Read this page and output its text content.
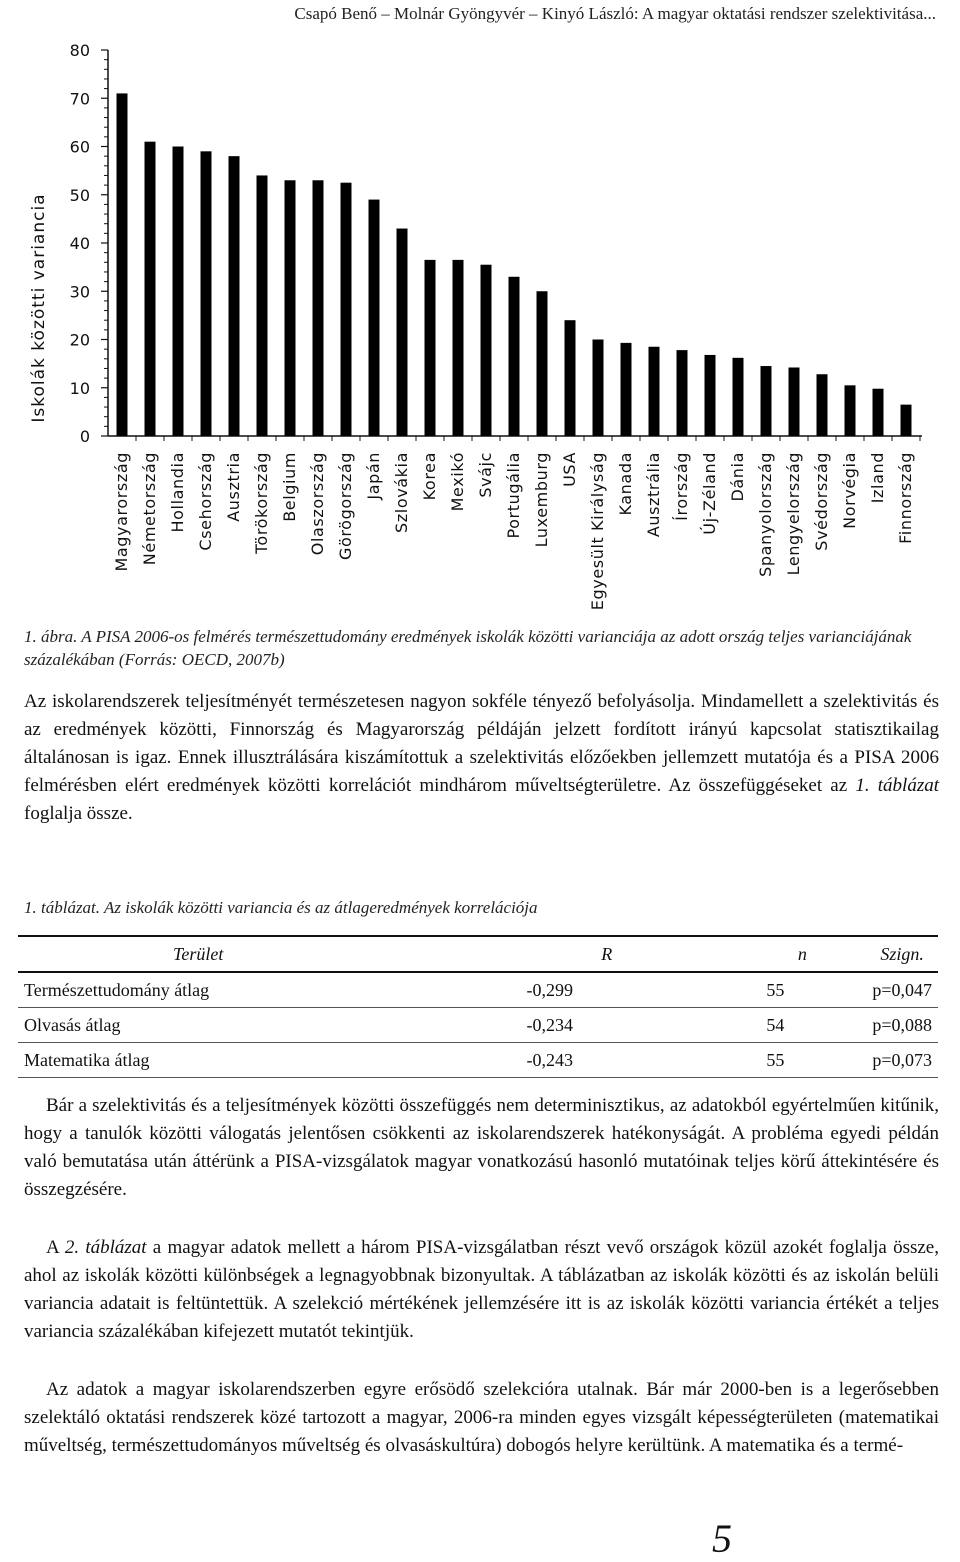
Csapó Benő – Molnár Gyöngyvér – Kinyó László: A magyar oktatási rendszer szelektivitása...
0
10
20
30
40
50
60
70
80
Magyarország Németország Hollandia Csehország Ausztria Törökország Belgium Olaszország Görögország Japán Szlovákia Korea Mexikó Svájc Portugália Luxemburg USA Egyesült Királyság Kanada Ausztrália Írország Új-Zéland Dánia Spanyolország Lengyelország Svédország Norvégia Izland Finnország
Iskolák közötti variancia
1. ábra. A PISA 2006-os felmérés természettudomány eredmények iskolák közötti varianciája az adott ország teljes varianciájának százalékában (Forrás: OECD, 2007b)

Az iskolarendszerek teljesítményét természetesen nagyon sokféle tényező befolyásolja. Mindamellett a szelektivitás és az eredmények közötti, Finnország és Magyarország példáján jelzett fordított irányú kapcsolat statisztikailag általánosan is igaz. Ennek illusztrálására kiszámítottuk a szelektivitás előzőekben jellemzett mutatója és a PISA 2006 felmérésben elért eredmények közötti korrelációt mindhárom műveltségterületre. Az összefüggéseket az 1. táblázat foglalja össze.

1. táblázat. Az iskolák közötti variancia és az átlageredmények korrelációja
Terület	R	n	Szign.
Természettudomány átlag	-0,299	55	p=0,047
Olvasás átlag	-0,234	54	p=0,088
Matematika átlag	-0,243	55	p=0,073

Bár a szelektivitás és a teljesítmények közötti összefüggés nem determinisztikus, az adatokból egyértelműen kitűnik, hogy a tanulók közötti válogatás jelentősen csökkenti az iskolarendszerek hatékonyságát. A probléma egyedi példán való bemutatása után áttérünk a PISA-vizsgálatok magyar vonatkozású hasonló mutatóinak teljes körű áttekintésére és összegzésére.

A 2. táblázat a magyar adatok mellett a három PISA-vizsgálatban részt vevő országok közül azokét foglalja össze, ahol az iskolák közötti különbségek a legnagyobbnak bizonyultak. A táblázatban az iskolák közötti és az iskolán belüli variancia adatait is feltüntettük. A szelekció mértékének jellemzésére itt is az iskolák közötti variancia értékét a teljes variancia százalékában kifejezett mutatót tekintjük.

Az adatok a magyar iskolarendszerben egyre erősödő szelekcióra utalnak. Bár már 2000-ben is a legerősebben szelektáló oktatási rendszerek közé tartozott a magyar, 2006-ra minden egyes vizsgált képességterületen (matematikai műveltség, természettudományos műveltség és olvasáskultúra) dobogós helyre kerültünk. A matematika és a termé-

5
